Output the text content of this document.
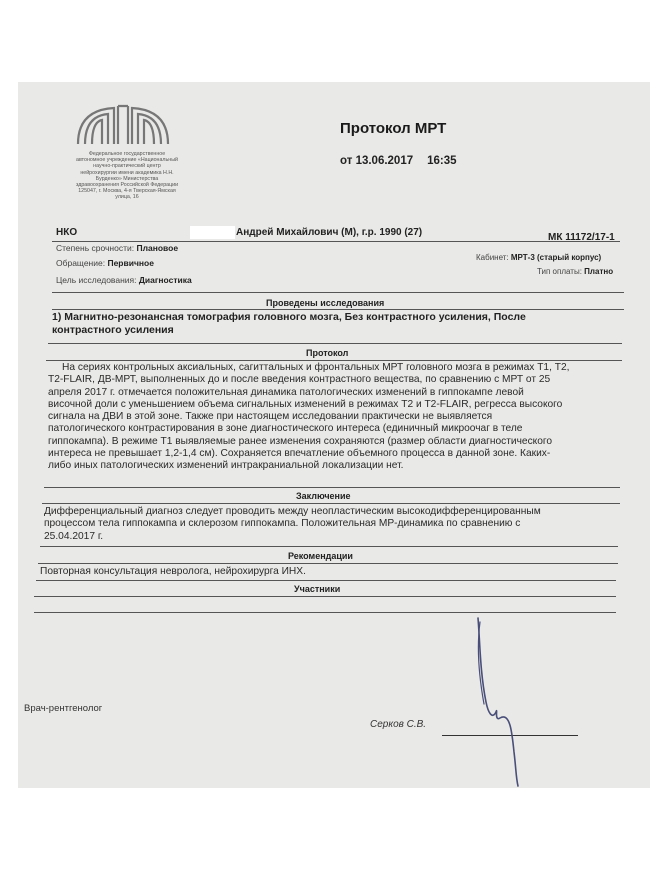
Федеральное государственное
автономное учреждение «Национальный
научно-практический центр
нейрохирургии имени академика Н.Н.
Бурденко» Министерства
здравоохранения Российской Федерации
125047, г. Москва, 4-я Тверская-Ямская
улица, 16
Протокол МРТ
от 13.06.2017 16:35
НКО	Андрей Михайлович (М), г.р. 1990 (27)	МК 11172/17-1
Степень срочности: Плановое
Кабинет: МРТ-3 (старый корпус)
Обращение: Первичное
Тип оплаты: Платно
Цель исследования: Диагностика
Проведены исследования
1) Магнитно-резонансная томография головного мозга, Без контрастного усиления, После
контрастного усиления
Протокол
На сериях контрольных аксиальных, сагиттальных и фронтальных МРТ головного мозга в режимах Т1, Т2,
Т2-FLAIR, ДВ-МРТ, выполненных до и после введения контрастного вещества, по сравнению с МРТ от 25
апреля 2017 г. отмечается положительная динамика патологических изменений в гиппокампе левой
височной доли с уменьшением объема сигнальных изменений в режимах Т2 и Т2-FLAIR, регресса высокого
сигнала на ДВИ в этой зоне. Также при настоящем исследовании практически не выявляется
патологического контрастирования в зоне диагностического интереса (единичный микроочаг в теле
гиппокампа). В режиме Т1 выявляемые ранее изменения сохраняются (размер области диагностического
интереса не превышает 1,2-1,4 см). Сохраняется впечатление объемного процесса в данной зоне. Каких-
либо иных патологических изменений интракраниальной локализации нет.
Заключение
Дифференциальный диагноз следует проводить между неопластическим высокодифференцированным
процессом тела гиппокампа и склерозом гиппокампа. Положительная МР-динамика по сравнению с
25.04.2017 г.
Рекомендации
Повторная консультация невролога, нейрохирурга ИНХ.
Участники
Врач-рентгенолог
Серков С.В.
